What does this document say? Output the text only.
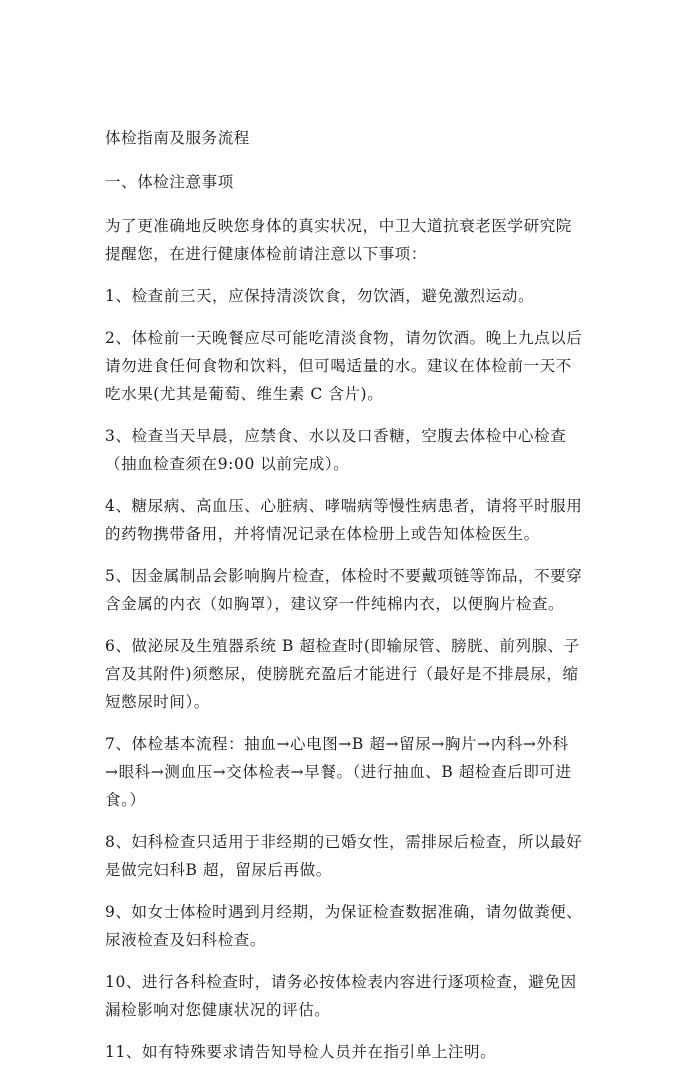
体检指南及服务流程

一、体检注意事项

为了更准确地反映您身体的真实状况，中卫大道抗衰老医学研究院

提醒您，在进行健康体检前请注意以下事项：

1、检查前三天，应保持清淡饮食，勿饮酒，避免激烈运动。

2、体检前一天晚餐应尽可能吃清淡食物，请勿饮酒。晚上九点以后

请勿进食任何食物和饮料，但可喝适量的水。建议在体检前一天不

吃水果(尤其是葡萄、维生素 C 含片)。

3、检查当天早晨，应禁食、水以及口香糖，空腹去体检中心检查

（抽血检查须在9:00 以前完成）。

4、糖尿病、高血压、心脏病、哮喘病等慢性病患者，请将平时服用

的药物携带备用，并将情况记录在体检册上或告知体检医生。

5、因金属制品会影响胸片检查，体检时不要戴项链等饰品，不要穿

含金属的内衣（如胸罩），建议穿一件纯棉内衣，以便胸片检查。

6、做泌尿及生殖器系统 B 超检查时(即输尿管、膀胱、前列腺、子

宫及其附件)须憋尿，使膀胱充盈后才能进行（最好是不排晨尿，缩

短憋尿时间）。

7、体检基本流程：抽血→心电图→B 超→留尿→胸片→内科→外科

→眼科→测血压→交体检表→早餐。（进行抽血、B 超检查后即可进

食。）

8、妇科检查只适用于非经期的已婚女性，需排尿后检查，所以最好

是做完妇科B 超，留尿后再做。

9、如女士体检时遇到月经期，为保证检查数据准确，请勿做粪便、

尿液检查及妇科检查。

10、进行各科检查时，请务必按体检表内容进行逐项检查，避免因

漏检影响对您健康状况的评估。

11、如有特殊要求请告知导检人员并在指引单上注明。
